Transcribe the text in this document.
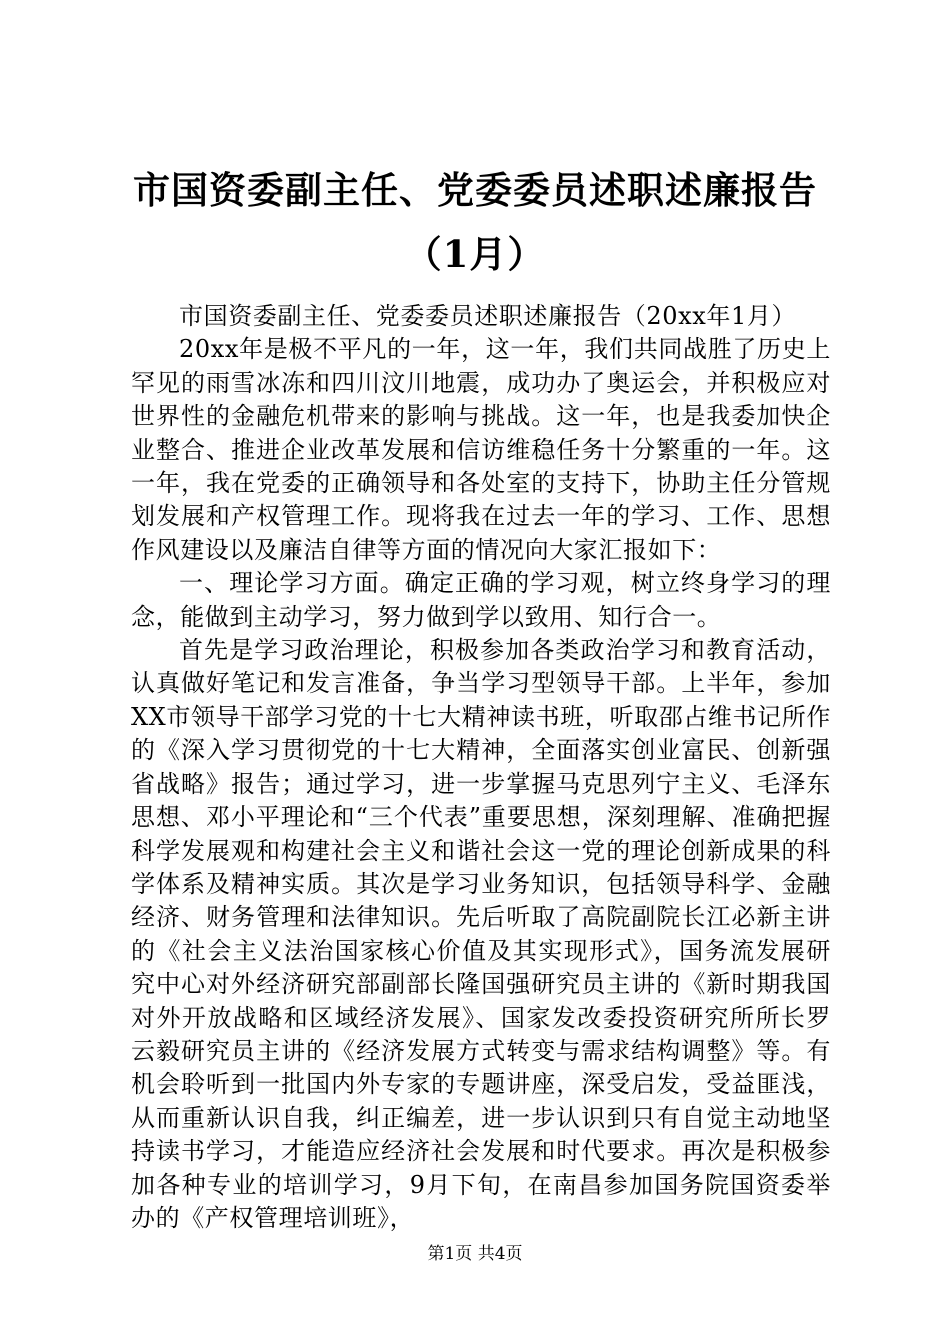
市国资委副主任、党委委员述职述廉报告（1月）

市国资委副主任、党委委员述职述廉报告（20xx年1月）

20xx年是极不平凡的一年，这一年，我们共同战胜了历史上罕见的雨雪冰冻和四川汶川地震，成功办了奥运会，并积极应对世界性的金融危机带来的影响与挑战。这一年，也是我委加快企业整合、推进企业改革发展和信访维稳任务十分繁重的一年。这一年，我在党委的正确领导和各处室的支持下，协助主任分管规划发展和产权管理工作。现将我在过去一年的学习、工作、思想作风建设以及廉洁自律等方面的情况向大家汇报如下：

一、理论学习方面。确定正确的学习观，树立终身学习的理念，能做到主动学习，努力做到学以致用、知行合一。

首先是学习政治理论，积极参加各类政治学习和教育活动，认真做好笔记和发言准备，争当学习型领导干部。上半年，参加XX市领导干部学习党的十七大精神读书班，听取邵占维书记所作的《深入学习贯彻党的十七大精神，全面落实创业富民、创新强省战略》报告；通过学习，进一步掌握马克思列宁主义、毛泽东思想、邓小平理论和“三个代表”重要思想，深刻理解、准确把握科学发展观和构建社会主义和谐社会这一党的理论创新成果的科学体系及精神实质。其次是学习业务知识，包括领导科学、金融经济、财务管理和法律知识。先后听取了高院副院长江必新主讲的《社会主义法治国家核心价值及其实现形式》，国务流发展研究中心对外经济研究部副部长隆国强研究员主讲的《新时期我国对外开放战略和区域经济发展》、国家发改委投资研究所所长罗云毅研究员主讲的《经济发展方式转变与需求结构调整》等。有机会聆听到一批国内外专家的专题讲座，深受启发，受益匪浅，从而重新认识自我，纠正编差，进一步认识到只有自觉主动地坚持读书学习，才能造应经济社会发展和时代要求。再次是积极参加各种专业的培训学习，9月下旬，在南昌参加国务院国资委举办的《产权管理培训班》，

第1页 共4页
